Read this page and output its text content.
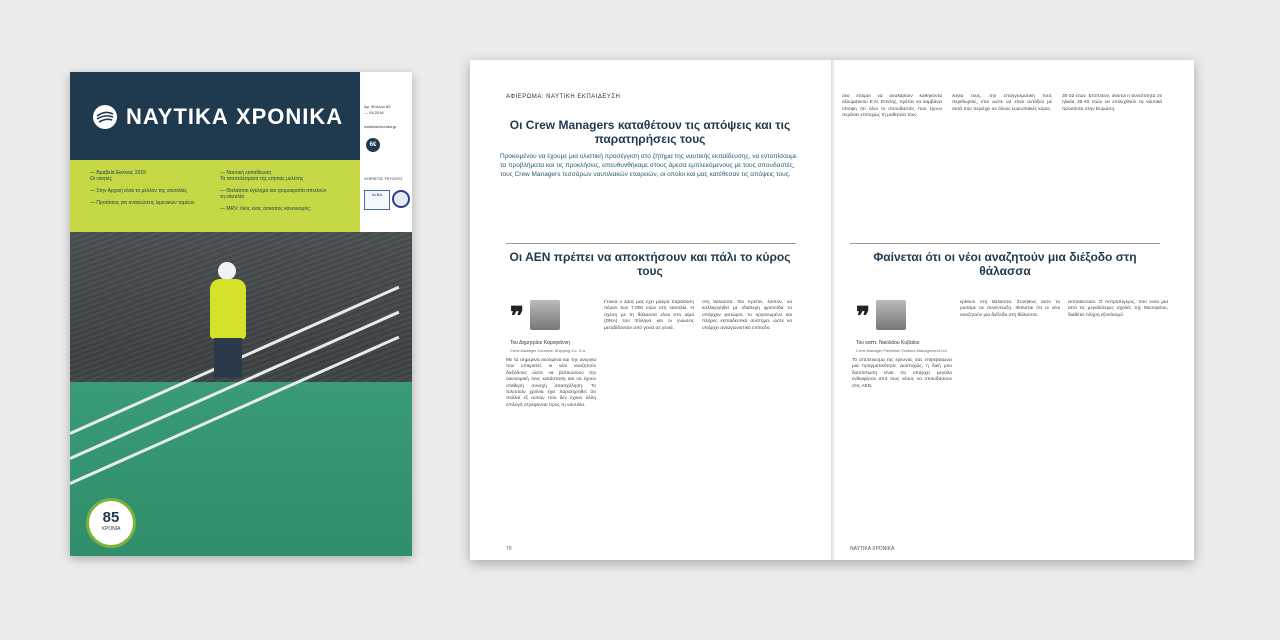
ΝΑΥΤΙΚΑ ΧΡΟΝΙΚΑ
— Βραβεία Εικόνας 2015
Οι νικητές
— Στην Αρχική είναι το μέλλον της ναυτιλίας
— Προτάσεις για ανανεώσεις λιμενικών τομέων
— Ναυτική εκπαίδευση
Τα αποτελέσματα της ετήσιας μελέτης
— Θαλάσσιο έγκλημα και τρομοκρατία απειλούν τη ναυτιλία
— MRV: όλος ένας άσκοπος κανονισμός;
Αρ. Φύλλου 89
— 04.2016
nafsikachronika.gr
6€
ΧΟΡΗΓΟΣ ΤΕΥΧΟΥΣ
ALBA
85
ΧΡΟΝΙΑ
ΑΦΙΕΡΩΜΑ: ΝΑΥΤΙΚΗ ΕΚΠΑΙΔΕΥΣΗ
Οι Crew Managers καταθέτουν τις απόψεις και τις παρατηρήσεις τους
Προκειμένου να έχουμε μια ολιστική προσέγγιση στο ζήτημα της ναυτικής εκπαίδευσης, να εντοπίσουμε τα προβλήματα και τις προκλήσεις, απευθυνθήκαμε στους άμεσα εμπλεκόμενους με τους σπουδαστές, τους Crew Managers τεσσάρων ναυτιλιακών εταιρειών, οι οποίοι και μας κατέθεσαν τις απόψεις τους.
Οι ΑΕΝ πρέπει να αποκτήσουν και πάλι το κύρος τους
❞
Του Δημητρίου Καραγιάννη
Crew Manager Common Shipping Co. S.A.
Με τα σημερινά δεδομένα και την ανεργία που επικρατεί, οι νέοι αναζητούν διεξόδους ώστε να βελτιώσουν την οικονομική τους κατάσταση και να έχουν σταθερή συνεχή απασχόληση. Το τελευταίο χρόνια έχει παρατηρηθεί ότι πολλοί εξ αυτών που δεν έχουν άλλη επιλογή στρέφονται προς τη ναυτιλία.
Γενικά ο λαός μας έχει μακρά παράδοση πέραν των 7.000 ετών στη ναυτιλία. Η σχέση με τη θάλασσα είναι στο αίμα (DNA) του Έλληνα και οι γνώσεις μεταδίδονταν από γενιά σε γενιά.
στη θάλασσα. Θα πρέπει, λοιπόν, να καλλιεργηθεί με ιδιαίτερη φροντίδα το υπάρχον φυτώριο, το οργανωμένο και πλήρες εκπαιδευτικό σύστημα, ώστε να υπάρχει ανταγωνιστικό επίπεδο.
70
όλο έτοιμοι να αναλάβουν καθήκοντα αξιωματικού Ε.Ν. Επίσης, πρέπει να λαμβάνει υπόψη ότι όλοι οι σπουδαστές που έχουν περάσει επιτυχώς τη μαθητεία τους.
λογία τους, την επαγγελματική τους περιθωρίας, έτσι ώστε να είναι αντάξιοι με αυτά που περιέχει σε όλους ευρωπαϊκές κύρες.
30-32 ετών. Επιπλέον, δίνεται η δυνατότητα σε ηλικία 35-40 ετών να επιλεχθούν τα ναυτικά προσόντα στην Ευρώπη.
Φαίνεται ότι οι νέοι αναζητούν μια διέξοδο στη θάλασσα
❞
Του καπτ. Νικολάου Κυβαίου
Crew Manager Pantheon Tankers Management Ltd
Το αποτέλεσμα της έρευνάς σας επιβεβαιώνει μια πραγματικότητα. Δυστυχώς, η δική μου διαπίστωση είναι ότι υπάρχει μεγάλο ενδιαφέρον από τους νέους να σπουδάσουν στις ΑΕΝ.
έρθουν στη θάλασσα. Συνήθως αυτό το ρωτάμε σε συνέντευξη. Φαίνεται ότι οι νέοι αναζητούν μια διέξοδο στη θάλασσα.
εκπαιδευτικό. Ο Αστρόπυργος, που είναι μία από τις μεγαλύτερες σχολές της Μεσογείου, διαθέτει πλήρη εξοπλισμό.
ΝΑΥΤΙΚΑ ΧΡΟΝΙΚΑ
